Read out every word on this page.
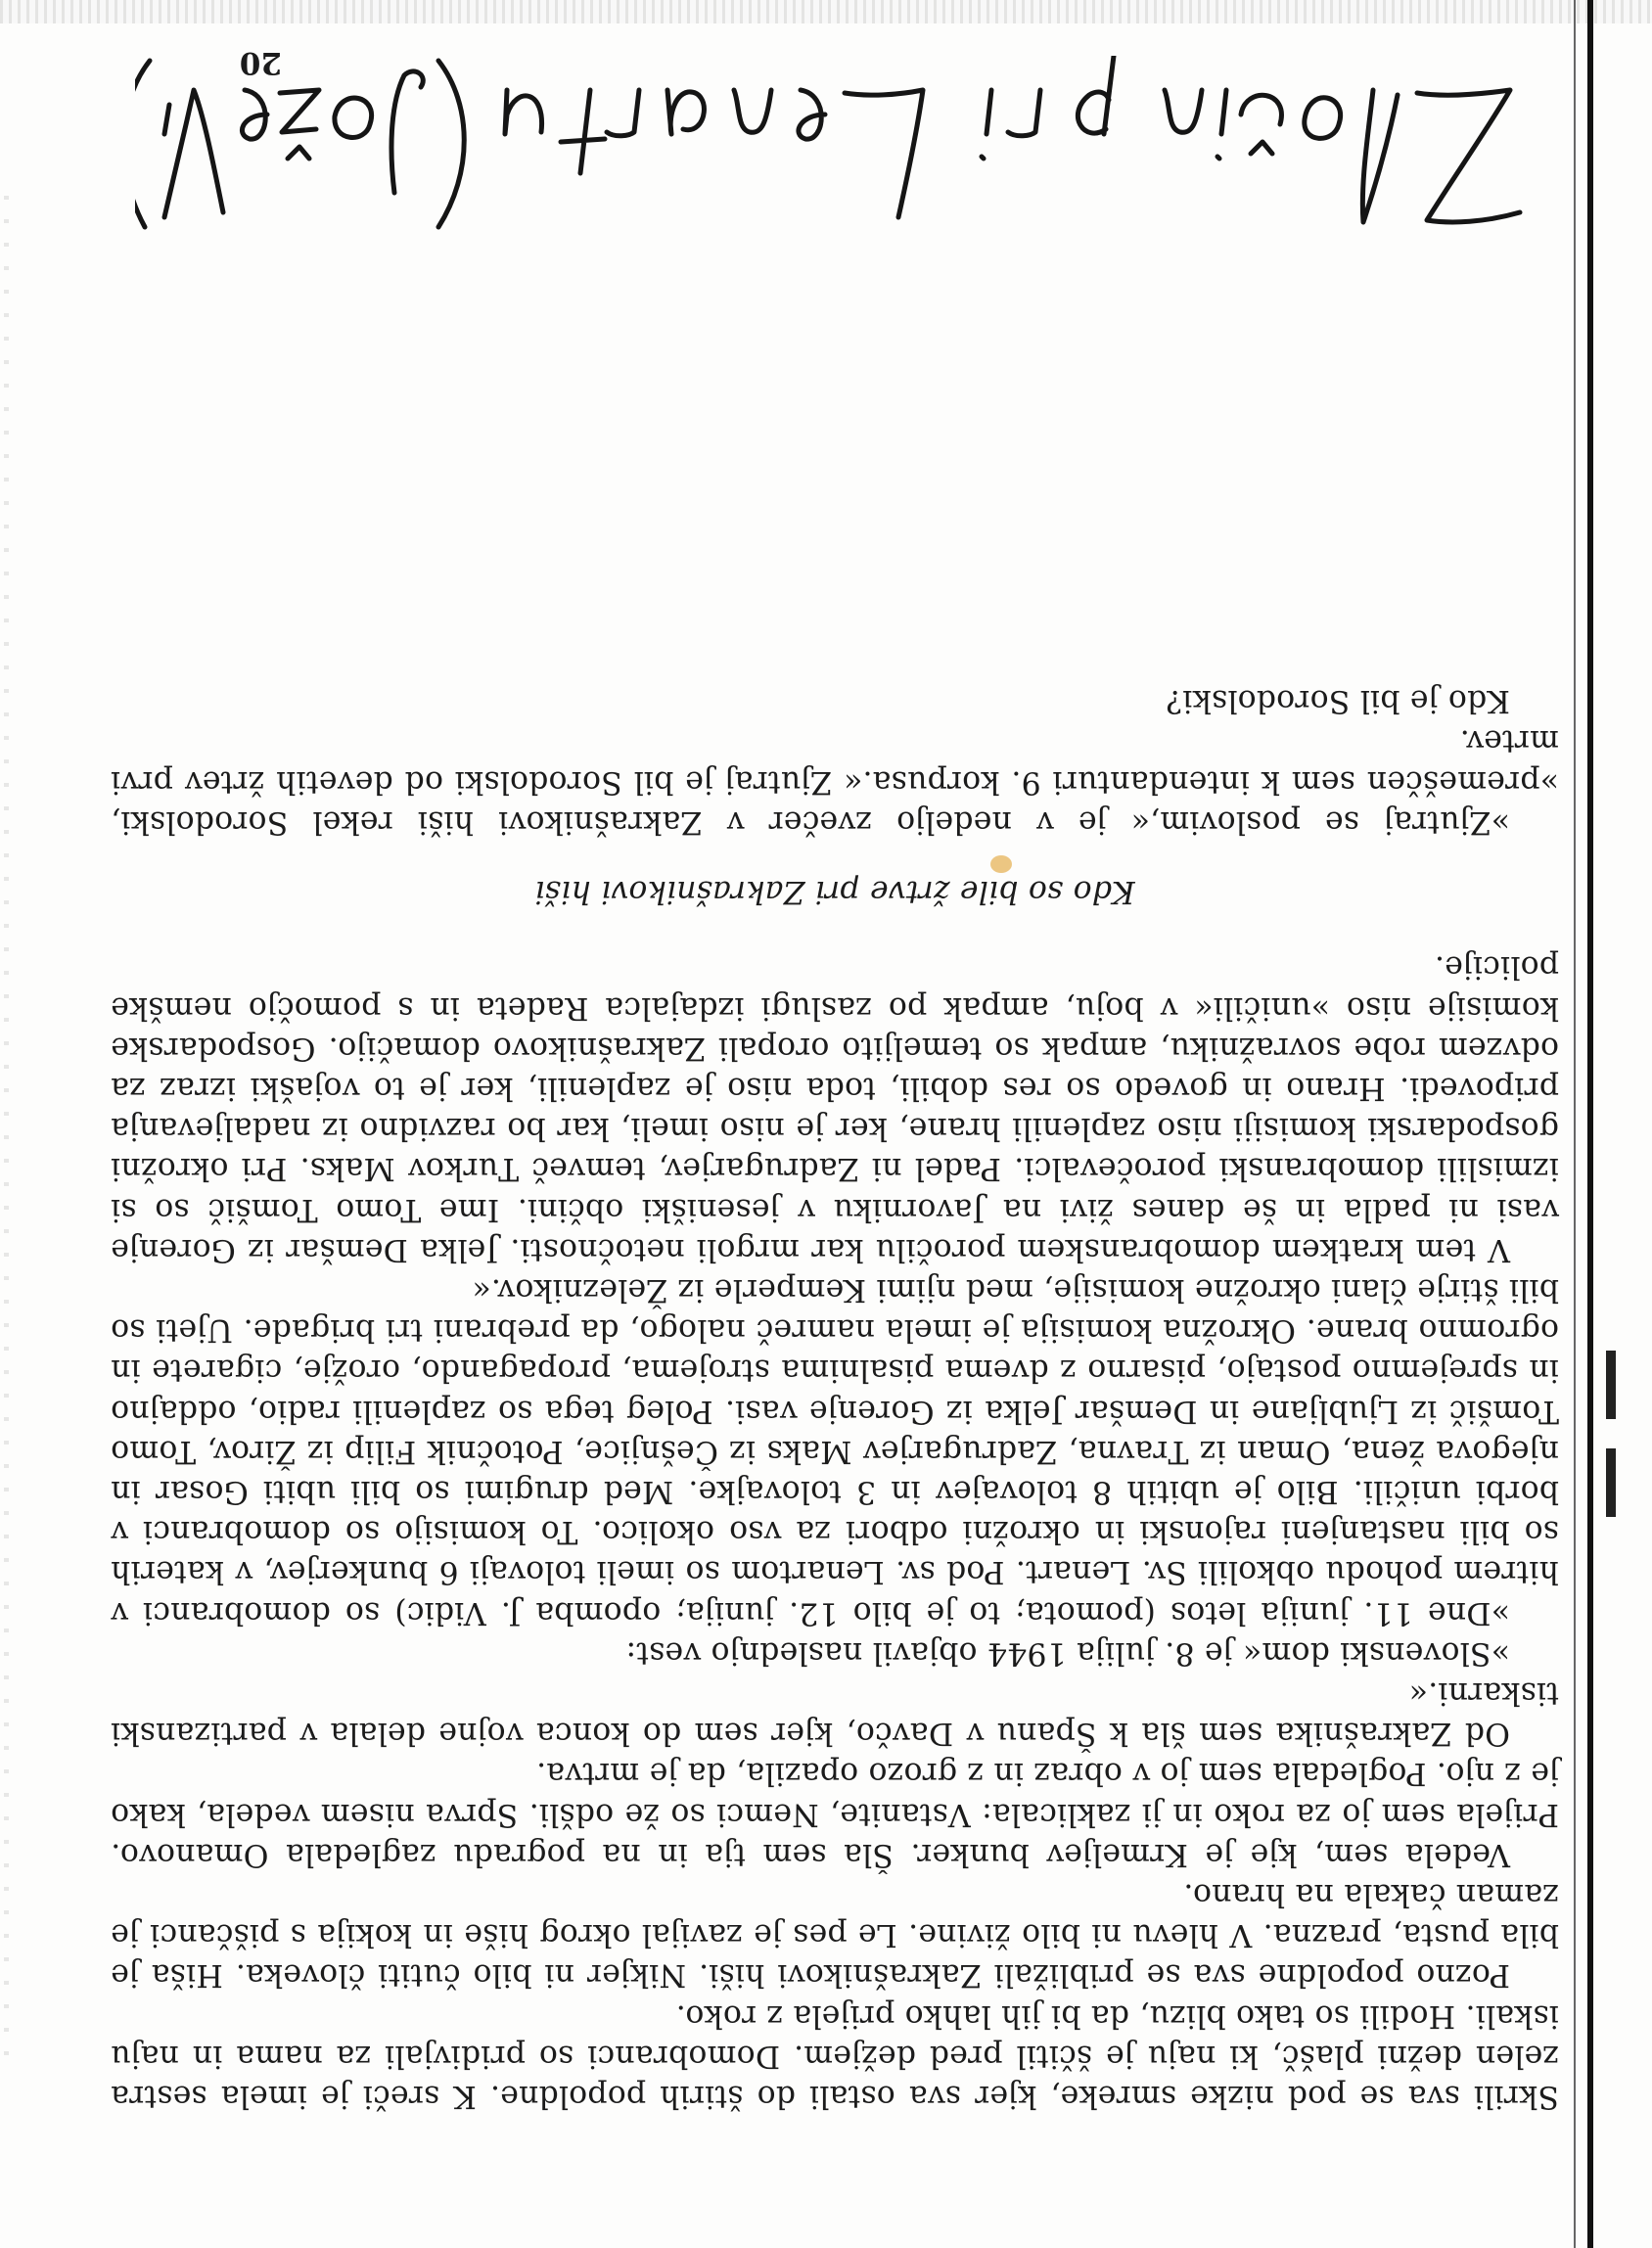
Skrili sva se pod nizke smreke, kjer sva ostali do štirih popoldne. K sreči je imela sestra zelen dežni plašč, ki naju je ščitil pred dežjem. Domobranci so pridivjali za nama in naju iskali. Hodili so tako blizu, da bi jih lahko prijela z roko.

Pozno popoldne sva se približali Zakrašnikovi hiši. Nikjer ni bilo čutiti človeka. Hiša je bila pusta, prazna. V hlevu ni bilo živine. Le pes je zavijal okrog hiše in kokija s piščanci je zaman čakala na hrano.

Vedela sem, kje je Krmeljev bunker. Šla sem tja in na pogradu zagledala Omanovo. Prijela sem jo za roko in ji zaklicala: Vstanite, Nemci so že odšli. Sprva nisem vedela, kako je z njo. Pogledala sem jo v obraz in z grozo opazila, da je mrtva.

Od Zakrašnika sem šla k Španu v Davčo, kjer sem do konca vojne delala v partizanski tiskarni.«

»Slovenski dom« je 8. julija 1944 objavil naslednjo vest:

»Dne 11. junija letos (pomota; to je bilo 12. junija; opomba J. Vidic) so domobranci v hitrem pohodu obkolili Sv. Lenart. Pod sv. Lenartom so imeli tolovaji 6 bunkerjev, v katerih so bili nastanjeni rajonski in okrožni odbori za vso okolico. To komisijo so domobranci v borbi uničili. Bilo je ubitih 8 tolovajev in 3 tolovajke. Med drugimi so bili ubiti Gosar in njegova žena, Oman iz Travna, Zadrugarjev Maks iz Češnjice, Potočnik Filip iz Žirov, Tomo Tomšič iz Ljubljane in Demšar Jelka iz Gorenje vasi. Poleg tega so zaplenili radio, oddajno in sprejemno postajo, pisarno z dvema pisalnima strojema, propagando, orožje, cigarete in ogromno brane. Okrožna komisija je imela namreč nalogo, da prebrani tri brigade. Ujeti so bili štirje člani okrožne komisije, med njimi Kemperle iz Železnikov.«

V tem kratkem domobranskem poročilu kar mrgoli netočnosti. Jelka Demšar iz Gorenje vasi ni padla in še danes živi na Javorniku v jeseniški občini. Ime Tomo Tomšič so si izmislili domobranski poročevalci. Padel ni Zadrugarjev, temveč Turkov Maks. Pri okrožni gospodarski komisiji niso zaplenili hrane, ker je niso imeli, kar bo razvidno iz nadaljevanja pripovedi. Hrano in govedo so res dobili, toda niso je zaplenili, ker je to vojaški izraz za odvzem robe sovražniku, ampak so temeljito oropali Zakrašnikovo domačijo. Gospodarske komisije niso »uničili« v boju, ampak po zaslugi izdajalca Radeta in s pomočjo nemške policije.

Kdo so bile žrtve pri Zakrašnikovi hiši

»Zjutraj se poslovim,« je v nedeljo zvečer v Zakrašnikovi hiši rekel Sorodolski, »premeščen sem k intendanturi 9. korpusa.« Zjutraj je bil Sorodolski od devetih žrtev prvi mrtev.

Kdo je bil Sorodolski?

20
